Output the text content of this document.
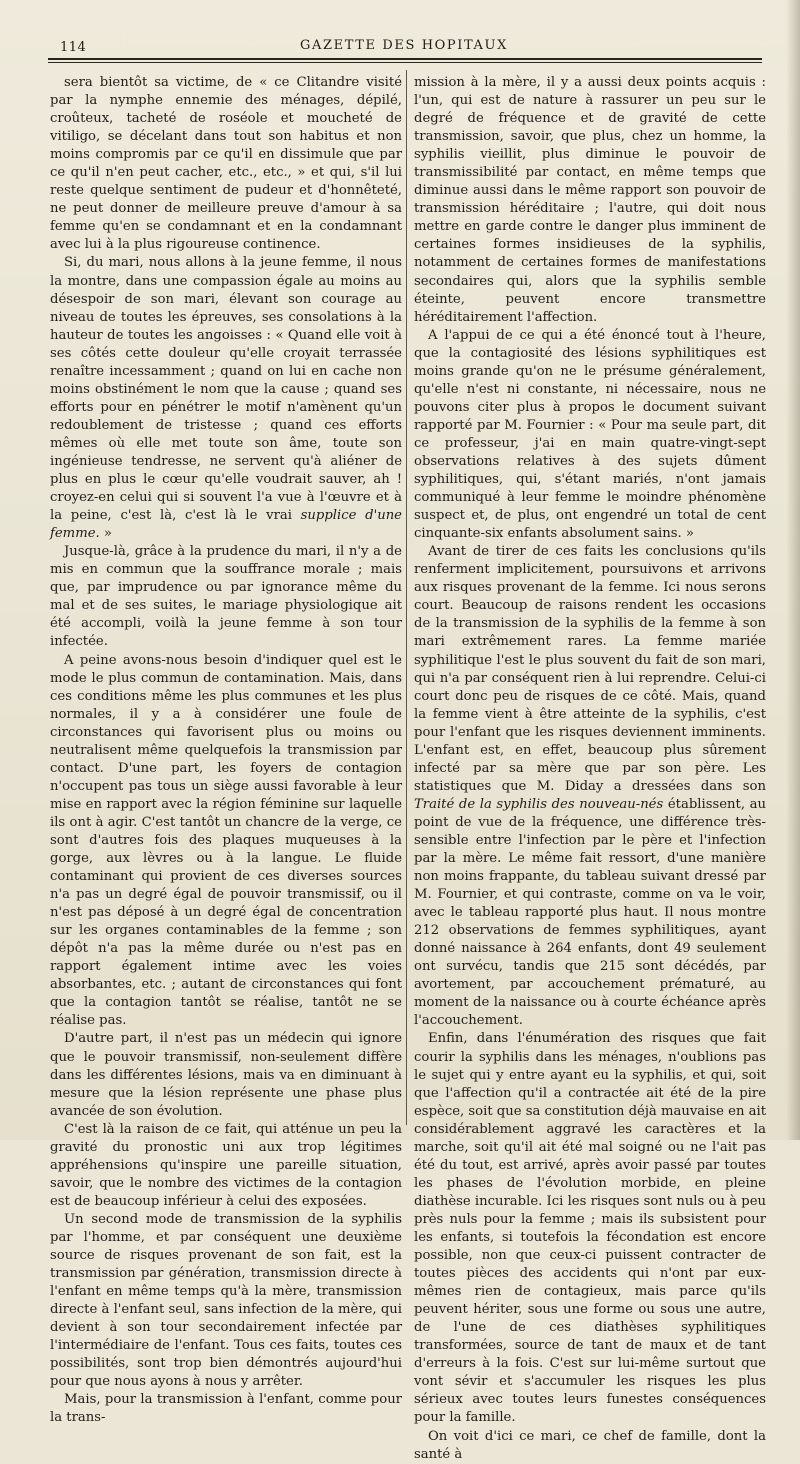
114	GAZETTE DES HOPITAUX

sera bientôt sa victime, de « ce Clitandre visité par la nymphe ennemie des ménages, dépilé, croûteux, tacheté de roséole et moucheté de vitiligo, se décelant dans tout son habitus et non moins compromis par ce qu'il en dissimule que par ce qu'il n'en peut cacher, etc., etc., » et qui, s'il lui reste quelque sentiment de pudeur et d'honnêteté, ne peut donner de meilleure preuve d'amour à sa femme qu'en se condamnant et en la condamnant avec lui à la plus rigoureuse continence.

Si, du mari, nous allons à la jeune femme, il nous la montre, dans une compassion égale au moins au désespoir de son mari, élevant son courage au niveau de toutes les épreuves, ses consolations à la hauteur de toutes les angoisses : « Quand elle voit à ses côtés cette douleur qu'elle croyait terrassée renaître incessamment ; quand on lui en cache non moins obstinément le nom que la cause ; quand ses efforts pour en pénétrer le motif n'amènent qu'un redoublement de tristesse ; quand ces efforts mêmes où elle met toute son âme, toute son ingénieuse tendresse, ne servent qu'à aliéner de plus en plus le cœur qu'elle voudrait sauver, ah ! croyez-en celui qui si souvent l'a vue à l'œuvre et à la peine, c'est là, c'est là le vrai supplice d'une femme. »

Jusque-là, grâce à la prudence du mari, il n'y a de mis en commun que la souffrance morale ; mais que, par imprudence ou par ignorance même du mal et de ses suites, le mariage physiologique ait été accompli, voilà la jeune femme à son tour infectée.

A peine avons-nous besoin d'indiquer quel est le mode le plus commun de contamination. Mais, dans ces conditions même les plus communes et les plus normales, il y a à considérer une foule de circonstances qui favorisent plus ou moins ou neutralisent même quelquefois la transmission par contact. D'une part, les foyers de contagion n'occupent pas tous un siège aussi favorable à leur mise en rapport avec la région féminine sur laquelle ils ont à agir. C'est tantôt un chancre de la verge, ce sont d'autres fois des plaques muqueuses à la gorge, aux lèvres ou à la langue. Le fluide contaminant qui provient de ces diverses sources n'a pas un degré égal de pouvoir transmissif, ou il n'est pas déposé à un degré égal de concentration sur les organes contaminables de la femme ; son dépôt n'a pas la même durée ou n'est pas en rapport également intime avec les voies absorbantes, etc. ; autant de circonstances qui font que la contagion tantôt se réalise, tantôt ne se réalise pas.

D'autre part, il n'est pas un médecin qui ignore que le pouvoir transmissif, non-seulement diffère dans les différentes lésions, mais va en diminuant à mesure que la lésion représente une phase plus avancée de son évolution.

C'est là la raison de ce fait, qui atténue un peu la gravité du pronostic uni aux trop légitimes appréhensions qu'inspire une pareille situation, savoir, que le nombre des victimes de la contagion est de beaucoup inférieur à celui des exposées.

Un second mode de transmission de la syphilis par l'homme, et par conséquent une deuxième source de risques provenant de son fait, est la transmission par génération, transmission directe à l'enfant en même temps qu'à la mère, transmission directe à l'enfant seul, sans infection de la mère, qui devient à son tour secondairement infectée par l'intermédiaire de l'enfant. Tous ces faits, toutes ces possibilités, sont trop bien démontrés aujourd'hui pour que nous ayons à nous y arrêter.

Mais, pour la transmission à l'enfant, comme pour la trans-

mission à la mère, il y a aussi deux points acquis : l'un, qui est de nature à rassurer un peu sur le degré de fréquence et de gravité de cette transmission, savoir, que plus, chez un homme, la syphilis vieillit, plus diminue le pouvoir de transmissibilité par contact, en même temps que diminue aussi dans le même rapport son pouvoir de transmission héréditaire ; l'autre, qui doit nous mettre en garde contre le danger plus imminent de certaines formes insidieuses de la syphilis, notamment de certaines formes de manifestations secondaires qui, alors que la syphilis semble éteinte, peuvent encore transmettre héréditairement l'affection.

A l'appui de ce qui a été énoncé tout à l'heure, que la contagiosité des lésions syphilitiques est moins grande qu'on ne le présume généralement, qu'elle n'est ni constante, ni nécessaire, nous ne pouvons citer plus à propos le document suivant rapporté par M. Fournier : « Pour ma seule part, dit ce professeur, j'ai en main quatre-vingt-sept observations relatives à des sujets dûment syphilitiques, qui, s'étant mariés, n'ont jamais communiqué à leur femme le moindre phénomène suspect et, de plus, ont engendré un total de cent cinquante-six enfants absolument sains. »

Avant de tirer de ces faits les conclusions qu'ils renferment implicitement, poursuivons et arrivons aux risques provenant de la femme. Ici nous serons court. Beaucoup de raisons rendent les occasions de la transmission de la syphilis de la femme à son mari extrêmement rares. La femme mariée syphilitique l'est le plus souvent du fait de son mari, qui n'a par conséquent rien à lui reprendre. Celui-ci court donc peu de risques de ce côté. Mais, quand la femme vient à être atteinte de la syphilis, c'est pour l'enfant que les risques deviennent imminents. L'enfant est, en effet, beaucoup plus sûrement infecté par sa mère que par son père. Les statistiques que M. Diday a dressées dans son Traité de la syphilis des nouveau-nés établissent, au point de vue de la fréquence, une différence très-sensible entre l'infection par le père et l'infection par la mère. Le même fait ressort, d'une manière non moins frappante, du tableau suivant dressé par M. Fournier, et qui contraste, comme on va le voir, avec le tableau rapporté plus haut. Il nous montre 212 observations de femmes syphilitiques, ayant donné naissance à 264 enfants, dont 49 seulement ont survécu, tandis que 215 sont décédés, par avortement, par accouchement prématuré, au moment de la naissance ou à courte échéance après l'accouchement.

Enfin, dans l'énumération des risques que fait courir la syphilis dans les ménages, n'oublions pas le sujet qui y entre ayant eu la syphilis, et qui, soit que l'affection qu'il a contractée ait été de la pire espèce, soit que sa constitution déjà mauvaise en ait considérablement aggravé les caractères et la marche, soit qu'il ait été mal soigné ou ne l'ait pas été du tout, est arrivé, après avoir passé par toutes les phases de l'évolution morbide, en pleine diathèse incurable. Ici les risques sont nuls ou à peu près nuls pour la femme ; mais ils subsistent pour les enfants, si toutefois la fécondation est encore possible, non que ceux-ci puissent contracter de toutes pièces des accidents qui n'ont par eux-mêmes rien de contagieux, mais parce qu'ils peuvent hériter, sous une forme ou sous une autre, de l'une de ces diathèses syphilitiques transformées, source de tant de maux et de tant d'erreurs à la fois. C'est sur lui-même surtout que vont sévir et s'accumuler les risques les plus sérieux avec toutes leurs funestes conséquences pour la famille.

On voit d'ici ce mari, ce chef de famille, dont la santé à
